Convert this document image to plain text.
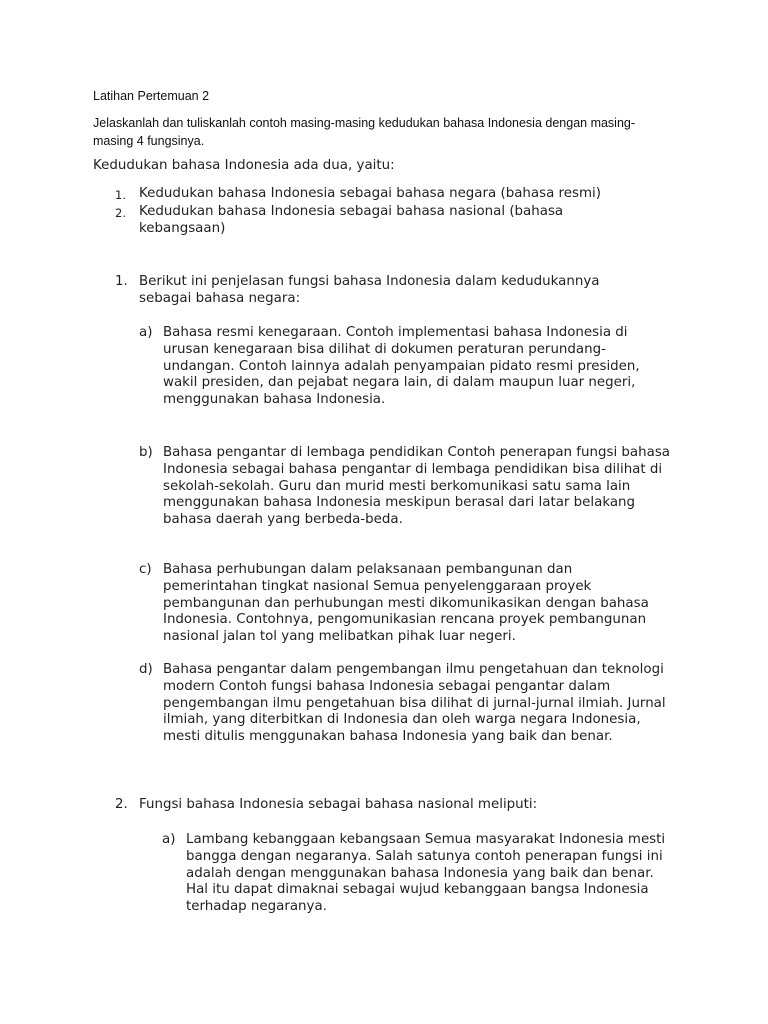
Latihan Pertemuan 2
Jelaskanlah dan tuliskanlah contoh masing-masing kedudukan bahasa Indonesia dengan masing-masing 4 fungsinya.
Kedudukan bahasa Indonesia ada dua, yaitu:
1. Kedudukan bahasa Indonesia sebagai bahasa negara (bahasa resmi)
2. Kedudukan bahasa Indonesia sebagai bahasa nasional (bahasa kebangsaan)
1. Berikut ini penjelasan fungsi bahasa Indonesia dalam kedudukannya sebagai bahasa negara:
a) Bahasa resmi kenegaraan. Contoh implementasi bahasa Indonesia di urusan kenegaraan bisa dilihat di dokumen peraturan perundang-undangan. Contoh lainnya adalah penyampaian pidato resmi presiden, wakil presiden, dan pejabat negara lain, di dalam maupun luar negeri, menggunakan bahasa Indonesia.
b) Bahasa pengantar di lembaga pendidikan Contoh penerapan fungsi bahasa Indonesia sebagai bahasa pengantar di lembaga pendidikan bisa dilihat di sekolah-sekolah. Guru dan murid mesti berkomunikasi satu sama lain menggunakan bahasa Indonesia meskipun berasal dari latar belakang bahasa daerah yang berbeda-beda.
c) Bahasa perhubungan dalam pelaksanaan pembangunan dan pemerintahan tingkat nasional Semua penyelenggaraan proyek pembangunan dan perhubungan mesti dikomunikasikan dengan bahasa Indonesia. Contohnya, pengomunikasian rencana proyek pembangunan nasional jalan tol yang melibatkan pihak luar negeri.
d) Bahasa pengantar dalam pengembangan ilmu pengetahuan dan teknologi modern Contoh fungsi bahasa Indonesia sebagai pengantar dalam pengembangan ilmu pengetahuan bisa dilihat di jurnal-jurnal ilmiah. Jurnal ilmiah, yang diterbitkan di Indonesia dan oleh warga negara Indonesia, mesti ditulis menggunakan bahasa Indonesia yang baik dan benar.
2. Fungsi bahasa Indonesia sebagai bahasa nasional meliputi:
a) Lambang kebanggaan kebangsaan Semua masyarakat Indonesia mesti bangga dengan negaranya. Salah satunya contoh penerapan fungsi ini adalah dengan menggunakan bahasa Indonesia yang baik dan benar. Hal itu dapat dimaknai sebagai wujud kebanggaan bangsa Indonesia terhadap negaranya.
